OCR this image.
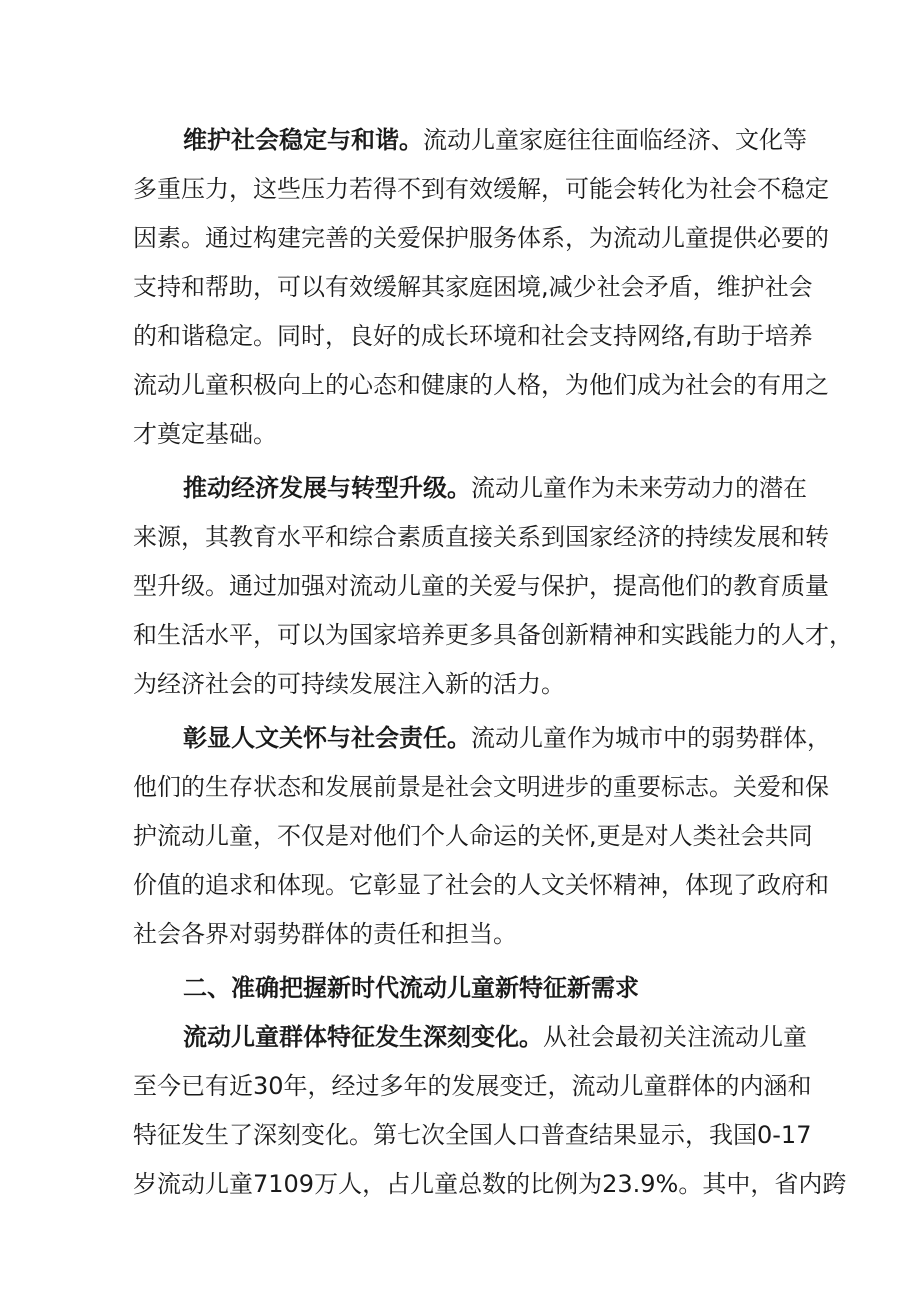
维护社会稳定与和谐。流动儿童家庭往往面临经济、文化等
多重压力，这些压力若得不到有效缓解，可能会转化为社会不稳定
因素。通过构建完善的关爱保护服务体系，为流动儿童提供必要的
支持和帮助，可以有效缓解其家庭困境,减少社会矛盾，维护社会
的和谐稳定。同时，良好的成长环境和社会支持网络,有助于培养
流动儿童积极向上的心态和健康的人格，为他们成为社会的有用之
才奠定基础。
推动经济发展与转型升级。流动儿童作为未来劳动力的潜在
来源，其教育水平和综合素质直接关系到国家经济的持续发展和转
型升级。通过加强对流动儿童的关爱与保护，提高他们的教育质量
和生活水平，可以为国家培养更多具备创新精神和实践能力的人才，
为经济社会的可持续发展注入新的活力。
彰显人文关怀与社会责任。流动儿童作为城市中的弱势群体，
他们的生存状态和发展前景是社会文明进步的重要标志。关爱和保
护流动儿童，不仅是对他们个人命运的关怀,更是对人类社会共同
价值的追求和体现。它彰显了社会的人文关怀精神，体现了政府和
社会各界对弱势群体的责任和担当。
二、准确把握新时代流动儿童新特征新需求
流动儿童群体特征发生深刻变化。从社会最初关注流动儿童
至今已有近30年，经过多年的发展变迁，流动儿童群体的内涵和
特征发生了深刻变化。第七次全国人口普查结果显示，我国0-17
岁流动儿童7109万人，占儿童总数的比例为23.9%。其中，省内跨
